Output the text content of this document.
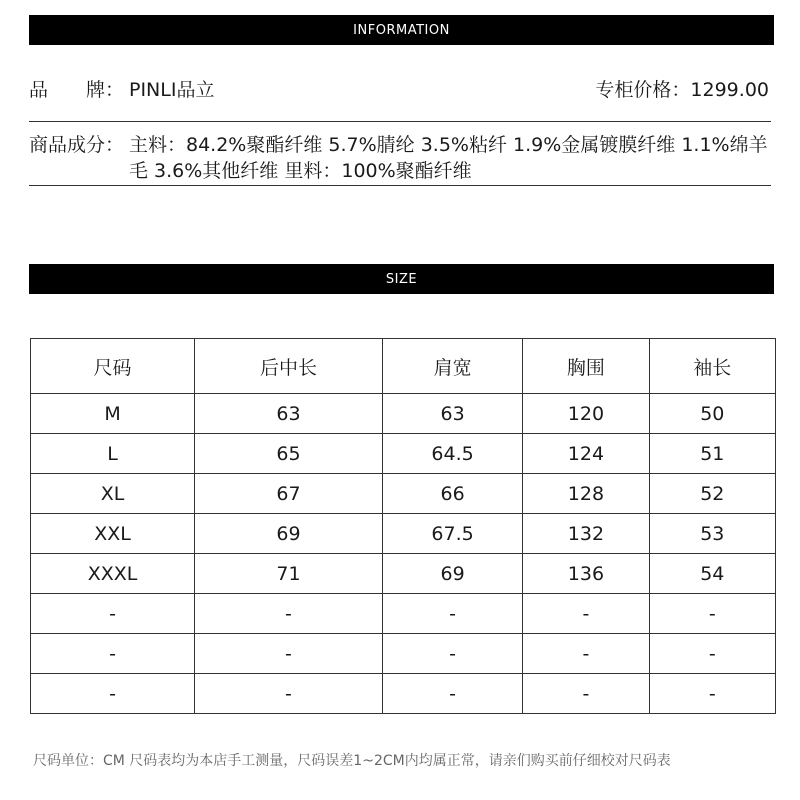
INFORMATION
品　　牌： PINLI品立	专柜价格：1299.00
商品成分： 主料：84.2%聚酯纤维 5.7%腈纶 3.5%粘纤 1.9%金属镀膜纤维 1.1%绵羊毛 3.6%其他纤维 里料：100%聚酯纤维
SIZE
尺码	后中长	肩宽	胸围	袖长
M	63	63	120	50
L	65	64.5	124	51
XL	67	66	128	52
XXL	69	67.5	132	53
XXXL	71	69	136	54
-	-	-	-	-
-	-	-	-	-
-	-	-	-	-
尺码单位：CM 尺码表均为本店手工测量，尺码误差1~2CM内均属正常，请亲们购买前仔细校对尺码表
